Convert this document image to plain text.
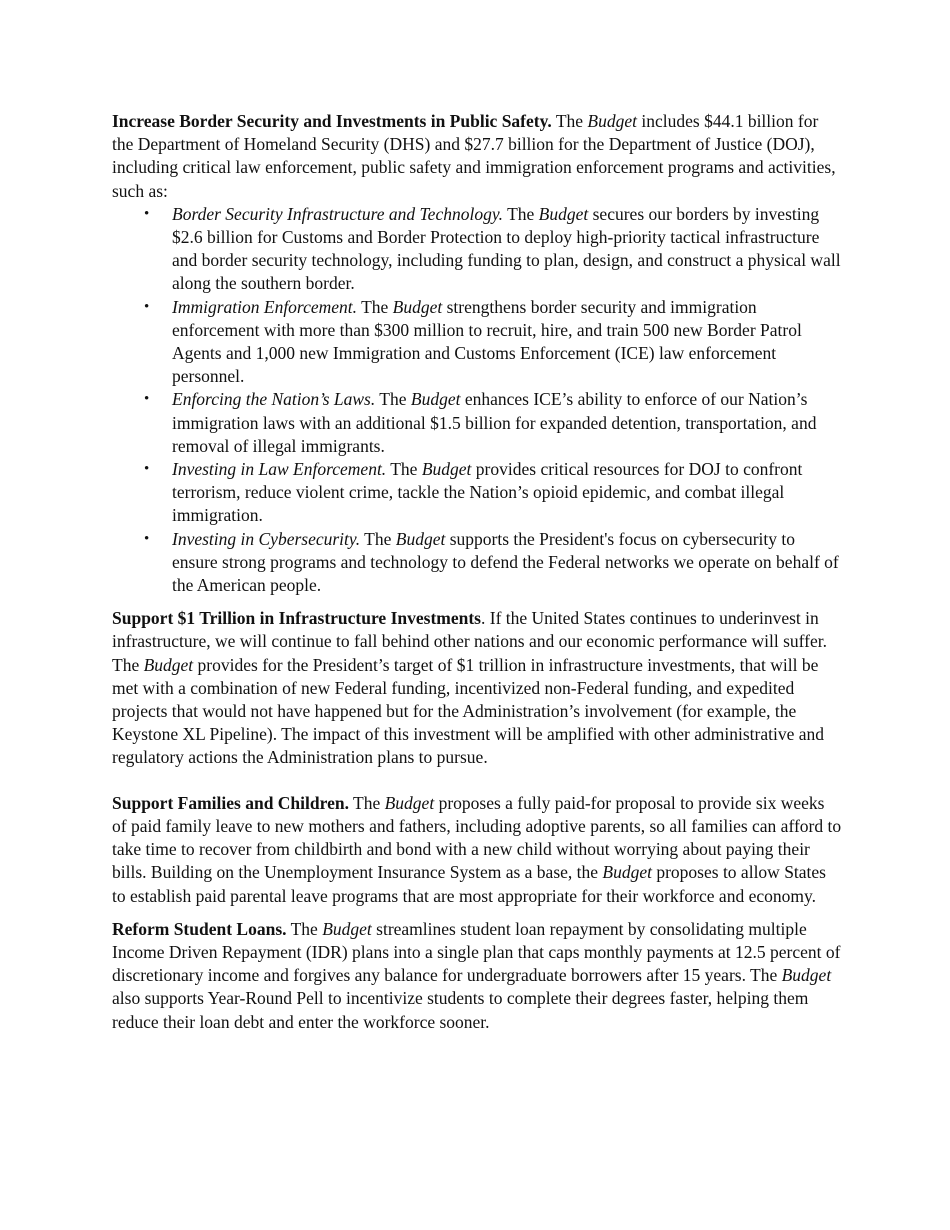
Increase Border Security and Investments in Public Safety. The Budget includes $44.1 billion for the Department of Homeland Security (DHS) and $27.7 billion for the Department of Justice (DOJ), including critical law enforcement, public safety and immigration enforcement programs and activities, such as:

• Border Security Infrastructure and Technology. The Budget secures our borders by investing $2.6 billion for Customs and Border Protection to deploy high-priority tactical infrastructure and border security technology, including funding to plan, design, and construct a physical wall along the southern border.
• Immigration Enforcement. The Budget strengthens border security and immigration enforcement with more than $300 million to recruit, hire, and train 500 new Border Patrol Agents and 1,000 new Immigration and Customs Enforcement (ICE) law enforcement personnel.
• Enforcing the Nation’s Laws. The Budget enhances ICE’s ability to enforce of our Nation’s immigration laws with an additional $1.5 billion for expanded detention, transportation, and removal of illegal immigrants.
• Investing in Law Enforcement. The Budget provides critical resources for DOJ to confront terrorism, reduce violent crime, tackle the Nation’s opioid epidemic, and combat illegal immigration.
• Investing in Cybersecurity. The Budget supports the President's focus on cybersecurity to ensure strong programs and technology to defend the Federal networks we operate on behalf of the American people.

Support $1 Trillion in Infrastructure Investments. If the United States continues to underinvest in infrastructure, we will continue to fall behind other nations and our economic performance will suffer. The Budget provides for the President’s target of $1 trillion in infrastructure investments, that will be met with a combination of new Federal funding, incentivized non-Federal funding, and expedited projects that would not have happened but for the Administration’s involvement (for example, the Keystone XL Pipeline). The impact of this investment will be amplified with other administrative and regulatory actions the Administration plans to pursue.

Support Families and Children. The Budget proposes a fully paid-for proposal to provide six weeks of paid family leave to new mothers and fathers, including adoptive parents, so all families can afford to take time to recover from childbirth and bond with a new child without worrying about paying their bills. Building on the Unemployment Insurance System as a base, the Budget proposes to allow States to establish paid parental leave programs that are most appropriate for their workforce and economy.

Reform Student Loans. The Budget streamlines student loan repayment by consolidating multiple Income Driven Repayment (IDR) plans into a single plan that caps monthly payments at 12.5 percent of discretionary income and forgives any balance for undergraduate borrowers after 15 years. The Budget also supports Year-Round Pell to incentivize students to complete their degrees faster, helping them reduce their loan debt and enter the workforce sooner.
